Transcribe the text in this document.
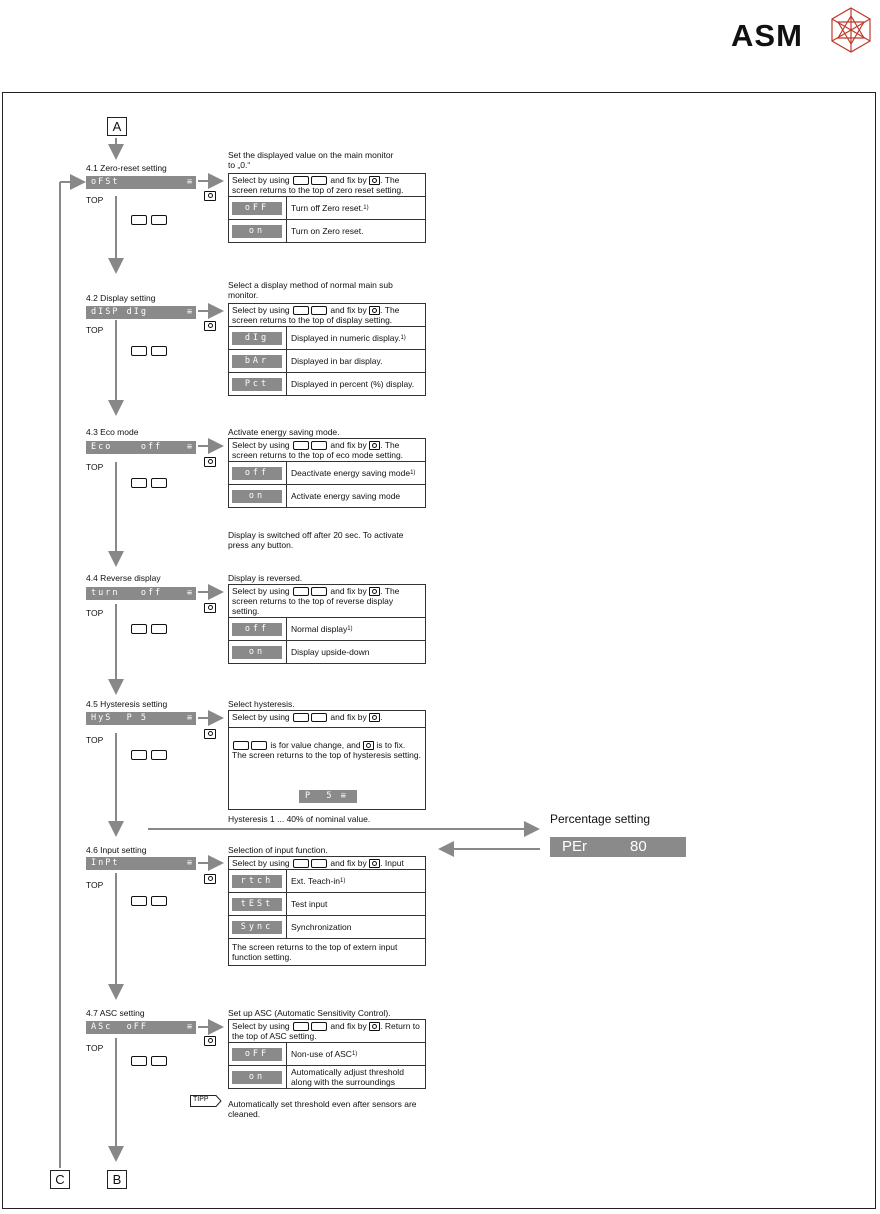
ASM
A
C	B
4.1 Zero-reset setting
oFSt	≡
TOP
Set the displayed value on the main monitor to „0.“
Select by using	and fix by . The screen returns to the top of zero reset setting.
oFF	Turn off Zero reset. 1)
on	Turn on Zero reset.
4.2 Display setting
dISP dIg	≡
TOP
Select a display method of normal main sub monitor.
Select by using	and fix by . The screen returns to the top of display setting.
dIg	Displayed in numeric display. 1)
bAr	Displayed in bar display.
Pct	Displayed in percent (%) display.
4.3 Eco mode
Eco    off	≡
TOP
Activate energy saving mode.
Select by using	and fix by . The screen returns to the top of eco mode setting.
off	Deactivate energy saving mode 1)
on	Activate energy saving mode
Display is switched off after 20 sec. To activate press any button.
4.4 Reverse display
turn   off	≡
TOP
Display is reversed.
Select by using	and fix by . The screen returns to the top of reverse display setting.
off	Normal display 1)
on	Display upside-down
4.5 Hysteresis setting
HyS  P 5	≡
TOP
Select hysteresis.
Select by using	and fix by .
is for value change, and is to fix. The screen returns to the top of hysteresis setting.
P  5 ≡
Hysteresis 1 ... 40% of nominal value.	Percentage setting
PEr	80
4.6 Input setting
InPt	≡
TOP
Selection of input function.
Select by using	and fix by . Input
rtch	Ext. Teach-in 1)
tESt	Test input
Sync	Synchronization
The screen returns to the top of extern input function setting.
4.7 ASC setting
ASc  oFF	≡
TOP
Set up ASC (Automatic Sensitivity Control).
Select by using	and fix by . Return to the top of ASC setting.
oFF	Non-use of ASC 1)
on	Automatically adjust threshold along with the surroundings
TIPP Automatically set threshold even after sensors are cleaned.
